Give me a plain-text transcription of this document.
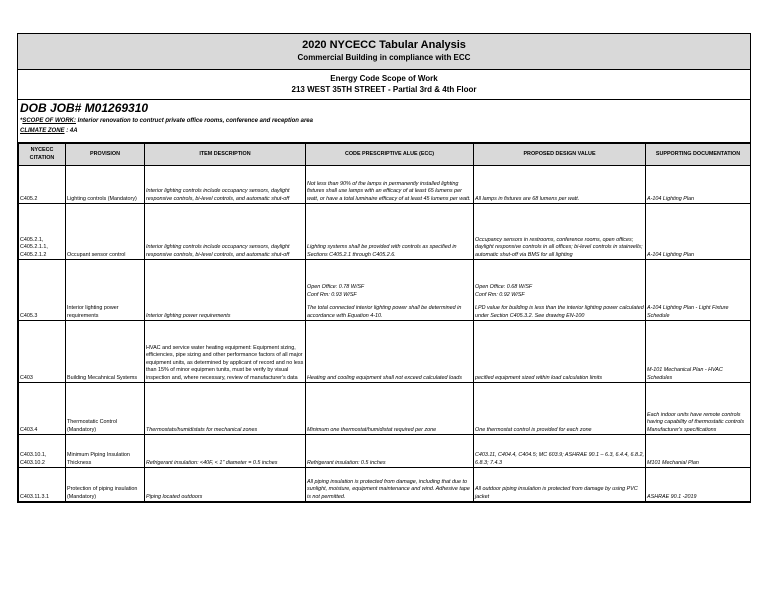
2020 NYCECC Tabular Analysis
Commercial Building in compliance with ECC
Energy Code Scope of Work
213 WEST 35TH STREET - Partial 3rd & 4th Floor
DOB JOB# M01269310
*SCOPE OF WORK: Interior renovation to contruct private office rooms, conference and reception area
CLIMATE ZONE : 4A
NYCECC CITATION	PROVISION	ITEM DESCRIPTION	CODE PRESCRIPTIVE ALUE (ECC)	PROPOSED DESIGN VALUE	SUPPORTING DOCUMENTATION
C405.2	Lighting controls (Mandatory)	Interior lighting controls include occupancy sensors, daylight responsive controls, bi-level controls, and automatic shut-off	Not less than 90% of the lamps in permanently installed lighting fixtures shall use lamps with an efficacy of at least 65 lumens per watt, or have a total luminaire efficacy of at least 45 lumens per watt.	All lamps in fixtures are 68 lumens per watt.	A-104 Lighting Plan
C405.2.1, C405.2.1.1, C405.2.1.2	Occupant sensor control	Interior lighting controls include occupancy sensors, daylight responsive controls, bi-level controls, and automatic shut-off	Lighting systems shall be provided with controls as specified in Sections C405.2.1 through C405.2.6.	Occupancy sensors in restrooms, conference rooms, open offices; daylight responsive controls in all offices; bi-level controls in stairwells; automatic shut-off via BMS for all lighting	A-104 Lighting Plan
C405.3	Interior lighting power requirements	Interior lighting power requirements	Open Office: 0.78 W/SF
Conf Rm: 0.93 W/SF
The total connected interior lighting power shall be determined in accordance with Equation 4-10.	Open Office: 0.68 W/SF
Conf Rm: 0.92 W/SF
LPD value for building is less than the interior lighting power calculated under Section C405.3.2. See drawing EN-100	A-104 Lighting Plan - Light Fixture Schedule
C403	Building Mecahnical Systems	HVAC and service water heating equipment: Equipment sizing, efficiencies, pipe sizing and other performance factors of all major equipment units, as determined by applicant of record and no less than 15% of minor equipmen tunits, must be verify by visual inspection and, where necessary, review of manufacturer's data	Heating and cooling equipment shall not exceed calculated loads	pecified equipment sized within load calculation limits	M-101 Mechanical Plan - HVAC Schedules
C403.4	Thermostatic Control (Mandatory)	Thermostats/humidistats for mechanical zones	Minimum one thermostat/humidistat required per zone	One thermostat control is provided for each zone	Each indoor units have remote controls having capability of thermostatic controls Manufacturer's specifications
C403.10.1, C403.10.2	Minimum Piping Insulation Thickness	Refrigerant insulation: <40F, < 1" diameter = 0.5 inches	Refrigerant insulation: 0.5 inches	C403.11, C404.4, C404.5; MC 603.9; ASHRAE 90.1 – 6.3, 6.4.4, 6.8.2, 6.8.3; 7.4.3	M101 Mechanial Plan
C403.11.3.1	Protection of piping insulation (Mandatory)	Piping located outdoors	All piping insulation is protected from damage, including that due to sunlight, moisture, equipment maintenance and wind. Adhesive tape is not permitted.	All outdoor piping insulation is protected from damage by using PVC jacket	ASHRAE 90.1 -2019
